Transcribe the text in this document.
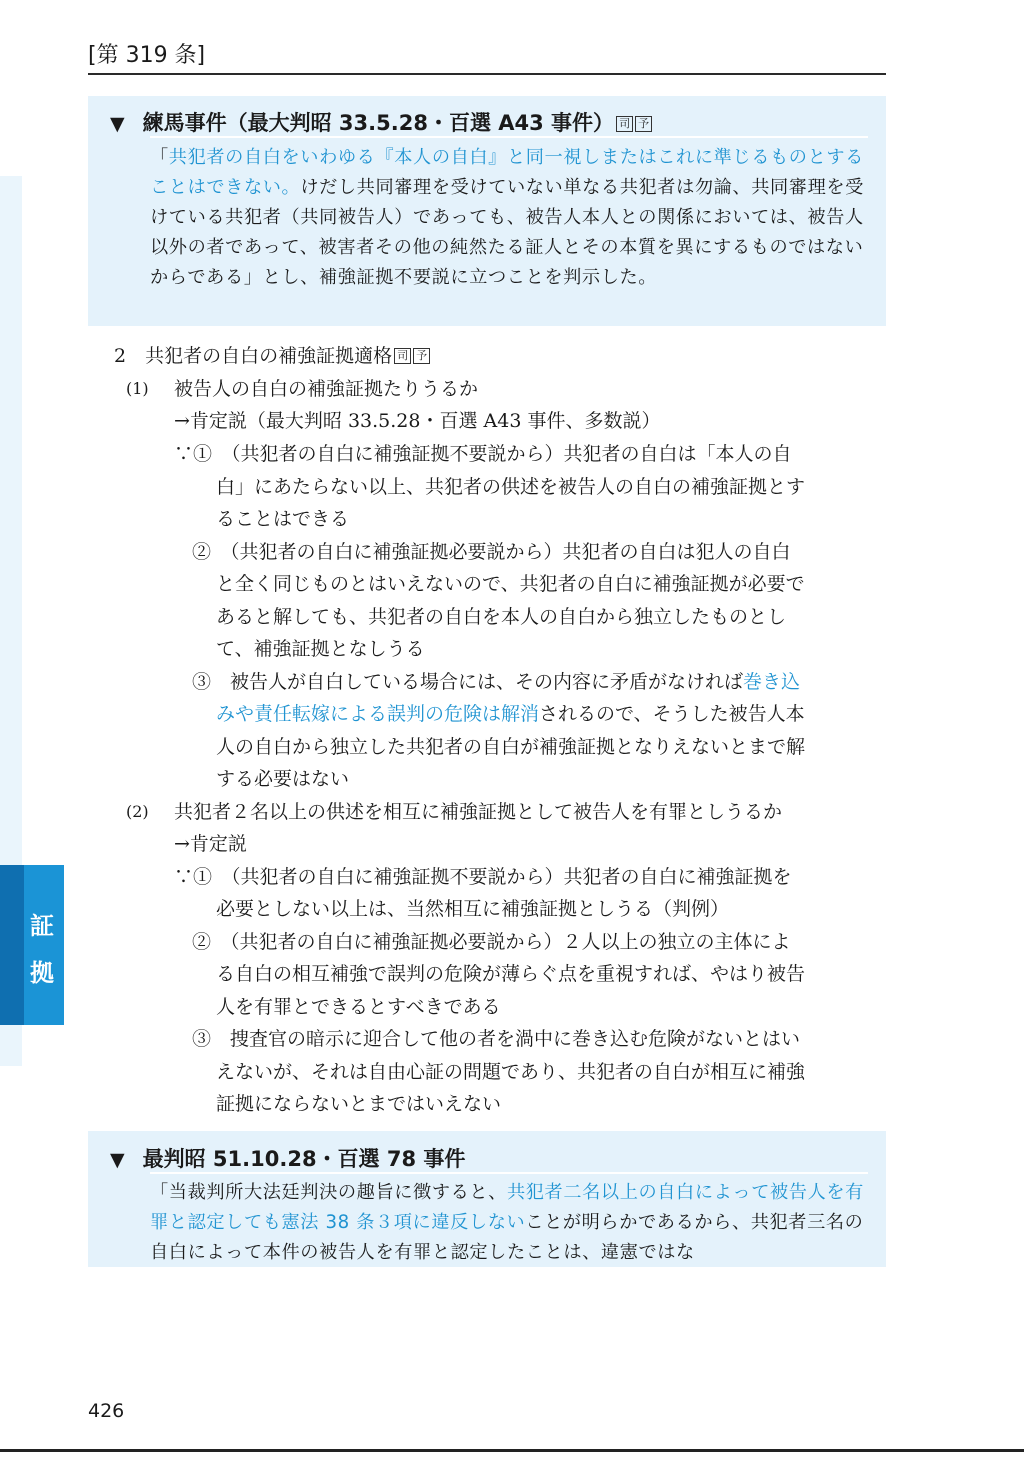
[第 319 条]
証
拠
▼ 練馬事件（最大判昭 33.5.28・百選 A43 事件） 司 予
「共犯者の自白をいわゆる『本人の自白』と同一視しまたはこれに準じるものとすることはできない。けだし共同審理を受けていない単なる共犯者は勿論、共同審理を受けている共犯者（共同被告人）であっても、被告人本人との関係においては、被告人以外の者であって、被害者その他の純然たる証人とその本質を異にするものではないからである」とし、補強証拠不要説に立つことを判示した。
2　共犯者の自白の補強証拠適格 司 予
(1) 被告人の自白の補強証拠たりうるか
→肯定説（最大判昭 33.5.28・百選 A43 事件、多数説）
∵①　（共犯者の自白に補強証拠不要説から）共犯者の自白は「本人の自
白」にあたらない以上、共犯者の供述を被告人の自白の補強証拠とす
ることはできる
②　（共犯者の自白に補強証拠必要説から）共犯者の自白は犯人の自白
と全く同じものとはいえないので、共犯者の自白に補強証拠が必要で
あると解しても、共犯者の自白を本人の自白から独立したものとし
て、補強証拠となしうる
③　被告人が自白している場合には、その内容に矛盾がなければ巻き込
みや責任転嫁による誤判の危険は解消されるので、そうした被告人本
人の自白から独立した共犯者の自白が補強証拠となりえないとまで解
する必要はない
(2) 共犯者２名以上の供述を相互に補強証拠として被告人を有罪としうるか
→肯定説
∵①　（共犯者の自白に補強証拠不要説から）共犯者の自白に補強証拠を
必要としない以上は、当然相互に補強証拠としうる（判例）
②　（共犯者の自白に補強証拠必要説から）２人以上の独立の主体によ
る自白の相互補強で誤判の危険が薄らぐ点を重視すれば、やはり被告
人を有罪とできるとすべきである
③　捜査官の暗示に迎合して他の者を渦中に巻き込む危険がないとはい
えないが、それは自由心証の問題であり、共犯者の自白が相互に補強
証拠にならないとまではいえない
▼ 最判昭 51.10.28・百選 78 事件
「当裁判所大法廷判決の趣旨に徴すると、共犯者二名以上の自白によって被告人を有罪と認定しても憲法 38 条３項に違反しないことが明らかであるから、共犯者三名の自白によって本件の被告人を有罪と認定したことは、違憲ではな
426
